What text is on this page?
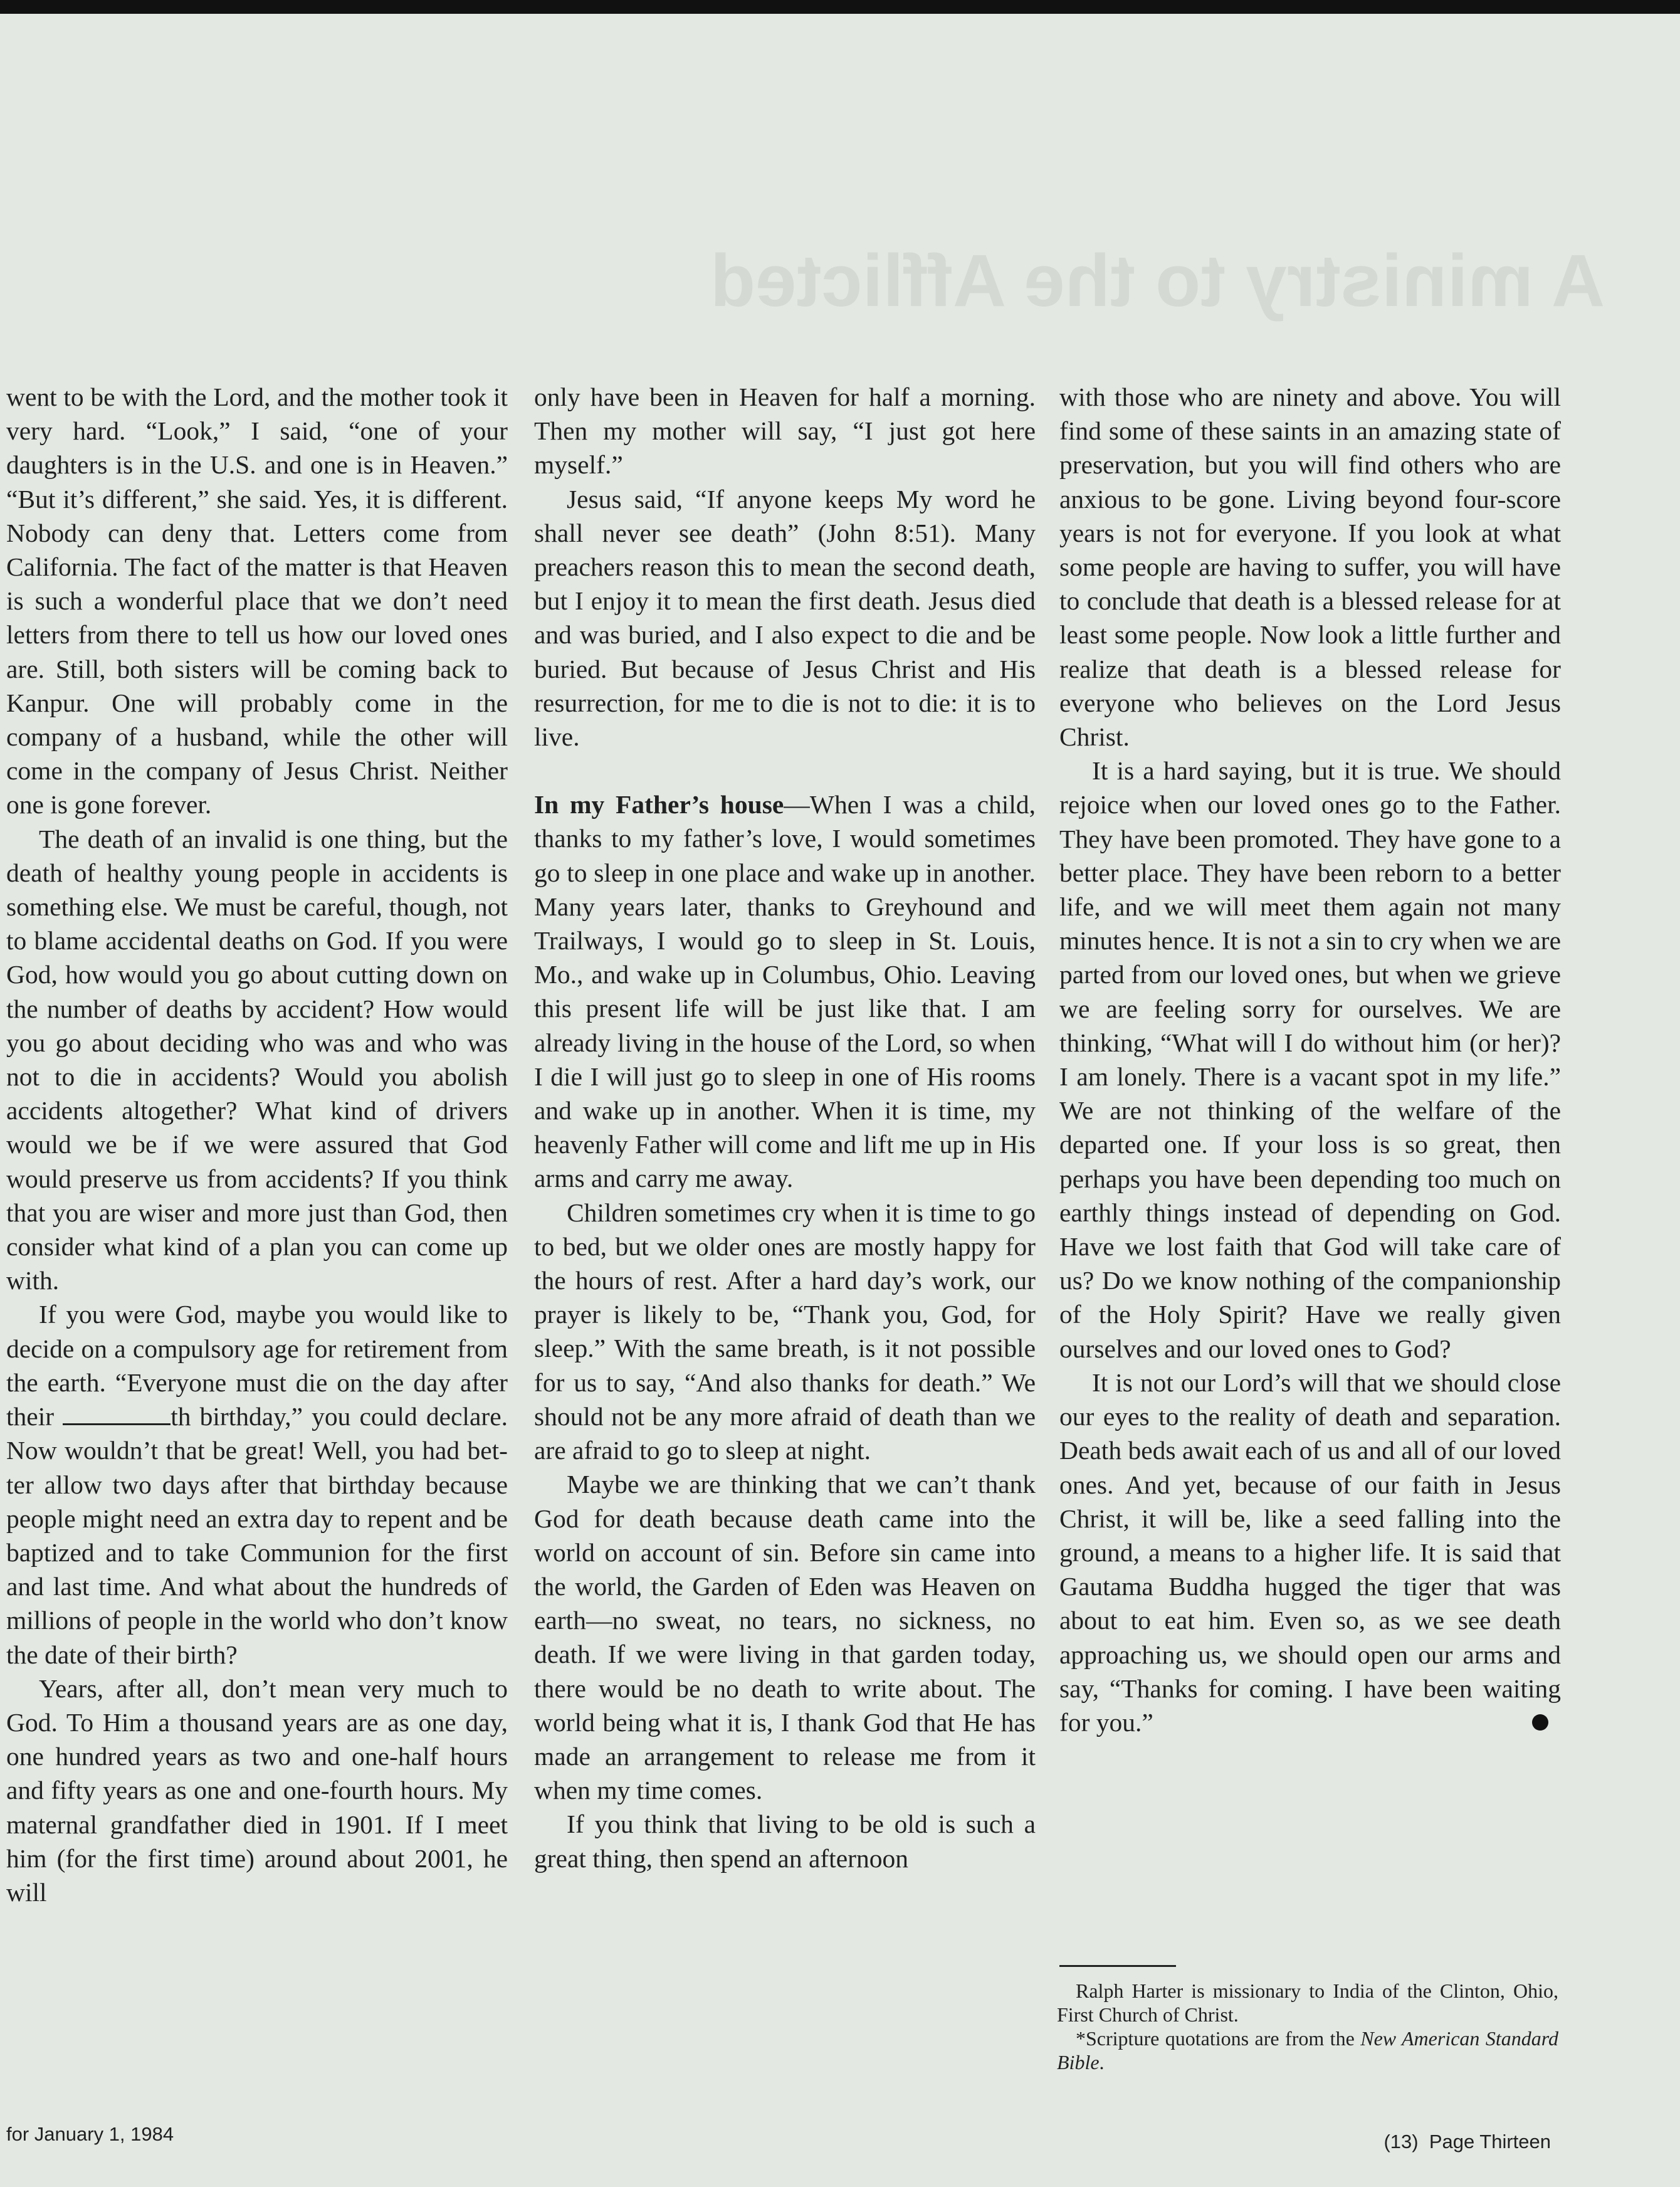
A ministry to the Afflicted

went to be with the Lord, and the mother took it very hard. “Look,” I said, “one of your daughters is in the U.S. and one is in Heaven.” “But it’s different,” she said. Yes, it is different. Nobody can deny that. Letters come from California. The fact of the matter is that Heaven is such a wonderful place that we don’t need letters from there to tell us how our loved ones are. Still, both sisters will be coming back to Kanpur. One will probably come in the company of a husband, while the other will come in the company of Jesus Christ. Neither one is gone forever.

The death of an invalid is one thing, but the death of healthy young people in accidents is something else. We must be careful, though, not to blame accidental deaths on God. If you were God, how would you go about cutting down on the number of deaths by accident? How would you go about deciding who was and who was not to die in accidents? Would you abolish accidents altogether? What kind of drivers would we be if we were assured that God would preserve us from accidents? If you think that you are wiser and more just than God, then consider what kind of a plan you can come up with.

If you were God, maybe you would like to decide on a compulsory age for retirement from the earth. “Everyone must die on the day after their	th birthday,” you could declare. Now wouldn’t that be great! Well, you had better allow two days after that birthday because people might need an extra day to repent and be baptized and to take Communion for the first and last time. And what about the hundreds of millions of people in the world who don’t know the date of their birth?

Years, after all, don’t mean very much to God. To Him a thousand years are as one day, one hundred years as two and one-half hours and fifty years as one and one-fourth hours. My maternal grandfather died in 1901. If I meet him (for the first time) around about 2001, he will

only have been in Heaven for half a morning. Then my mother will say, “I just got here myself.”

Jesus said, “If anyone keeps My word he shall never see death” (John 8:51). Many preachers reason this to mean the second death, but I enjoy it to mean the first death. Jesus died and was buried, and I also expect to die and be buried. But because of Jesus Christ and His resurrection, for me to die is not to die: it is to live.

In my Father’s house—When I was a child, thanks to my father’s love, I would sometimes go to sleep in one place and wake up in another. Many years later, thanks to Greyhound and Trailways, I would go to sleep in St. Louis, Mo., and wake up in Columbus, Ohio. Leaving this present life will be just like that. I am already living in the house of the Lord, so when I die I will just go to sleep in one of His rooms and wake up in another. When it is time, my heavenly Father will come and lift me up in His arms and carry me away.

Children sometimes cry when it is time to go to bed, but we older ones are mostly happy for the hours of rest. After a hard day’s work, our prayer is likely to be, “Thank you, God, for sleep.” With the same breath, is it not possible for us to say, “And also thanks for death.” We should not be any more afraid of death than we are afraid to go to sleep at night.

Maybe we are thinking that we can’t thank God for death because death came into the world on account of sin. Before sin came into the world, the Garden of Eden was Heaven on earth—no sweat, no tears, no sickness, no death. If we were living in that garden today, there would be no death to write about. The world being what it is, I thank God that He has made an arrangement to release me from it when my time comes.

If you think that living to be old is such a great thing, then spend an afternoon

with those who are ninety and above. You will find some of these saints in an amazing state of preservation, but you will find others who are anxious to be gone. Living beyond four-score years is not for everyone. If you look at what some people are having to suffer, you will have to conclude that death is a blessed release for at least some people. Now look a little further and realize that death is a blessed release for everyone who believes on the Lord Jesus Christ.

It is a hard saying, but it is true. We should rejoice when our loved ones go to the Father. They have been promoted. They have gone to a better place. They have been reborn to a better life, and we will meet them again not many minutes hence. It is not a sin to cry when we are parted from our loved ones, but when we grieve we are feeling sorry for ourselves. We are thinking, “What will I do without him (or her)? I am lonely. There is a vacant spot in my life.” We are not thinking of the welfare of the departed one. If your loss is so great, then perhaps you have been depending too much on earthly things instead of depending on God. Have we lost faith that God will take care of us? Do we know nothing of the companionship of the Holy Spirit? Have we really given ourselves and our loved ones to God?

It is not our Lord’s will that we should close our eyes to the reality of death and separation. Death beds await each of us and all of our loved ones. And yet, because of our faith in Jesus Christ, it will be, like a seed falling into the ground, a means to a higher life. It is said that Gautama Buddha hugged the tiger that was about to eat him. Even so, as we see death approaching us, we should open our arms and say, “Thanks for coming. I have been waiting for you.”

Ralph Harter is missionary to India of the Clinton, Ohio, First Church of Christ.

*Scripture quotations are from the New American Standard Bible.

for January 1, 1984	(13)  Page Thirteen
